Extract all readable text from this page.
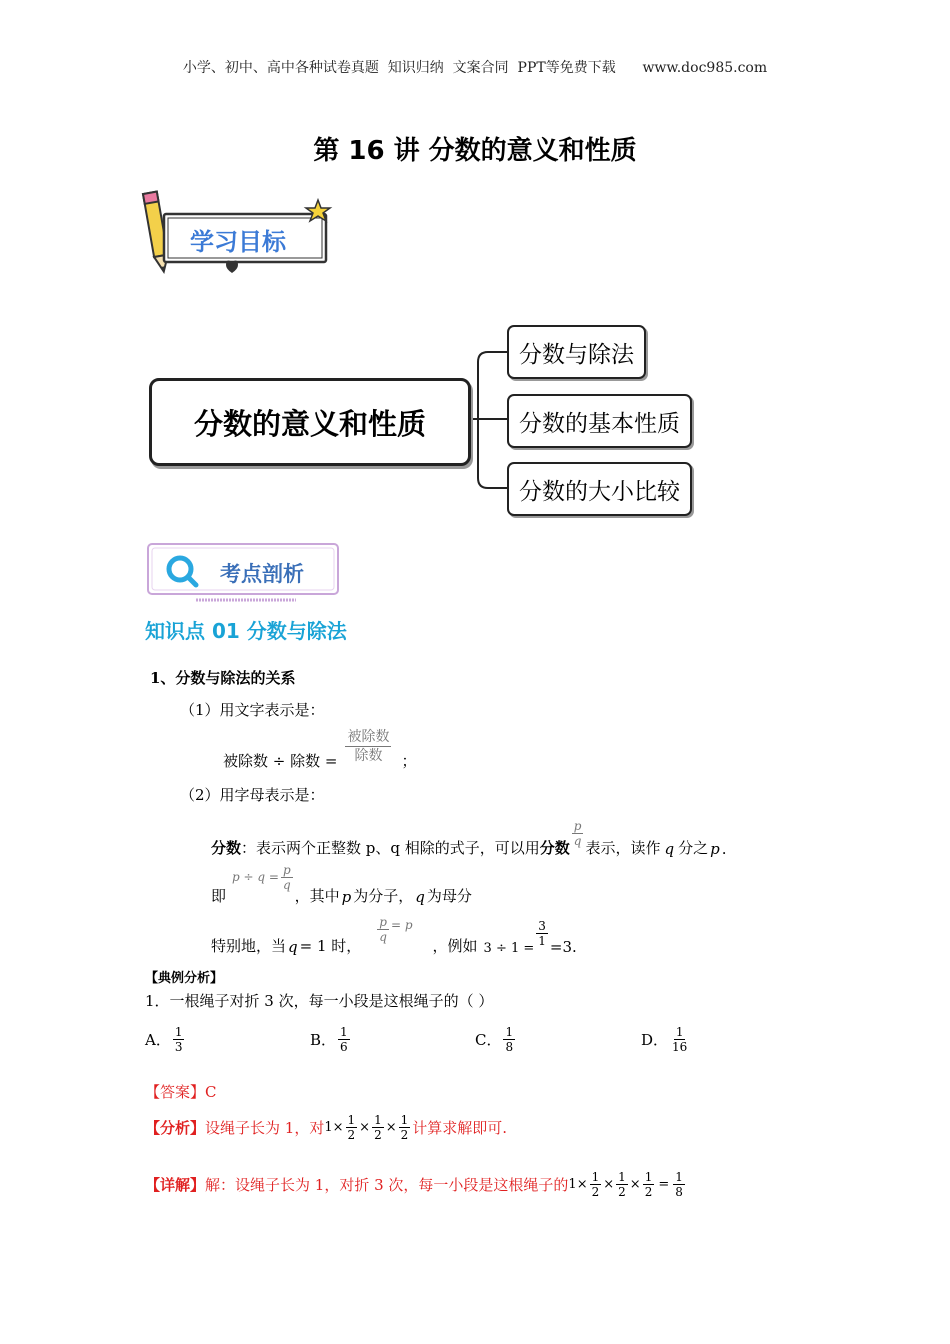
小学、初中、高中各种试卷真题  知识归纳  文案合同  PPT等免费下载      www.doc985.com
第 16 讲 分数的意义和性质
学习目标
分数的意义和性质
分数与除法
分数的基本性质
分数的大小比较
考点剖析
知识点 01 分数与除法
1、分数与除法的关系
（1）用文字表示是：
被除数 ÷ 除数 = $\frac{\text{被除数}}{\text{除数}}$ ；
（2）用字母表示是：
分数 ：表示两个正整数 p、q 相除的式子，可以用 分数 $\frac{p}{q}$ 表示，读作 q 分之 p .
即
$p \div q = \frac{p}{q}$
，其中 p 为分子， q 为母分
特别地，当 q = 1 时，
$\frac{p}{q} = p$
，例如 3 ÷ 1 =
$\frac{3}{1} =3$.
【典例分析】
1．一根绳子对折 3 次，每一小段是这根绳子的（ ）
A． $\frac{1}{3}$	B． $\frac{1}{6}$	C． $\frac{1}{8}$	D． $\frac{1}{16}$
【答案】C
【分析】 设绳子长为 1，对 $1 \times \frac{1}{2} \times \frac{1}{2} \times \frac{1}{2}$ 计算求解即可.
【详解】 解：设绳子长为 1，对折 3 次，每一小段是这根绳子的 $1 \times \frac{1}{2} \times \frac{1}{2} \times \frac{1}{2} = \frac{1}{8}$
